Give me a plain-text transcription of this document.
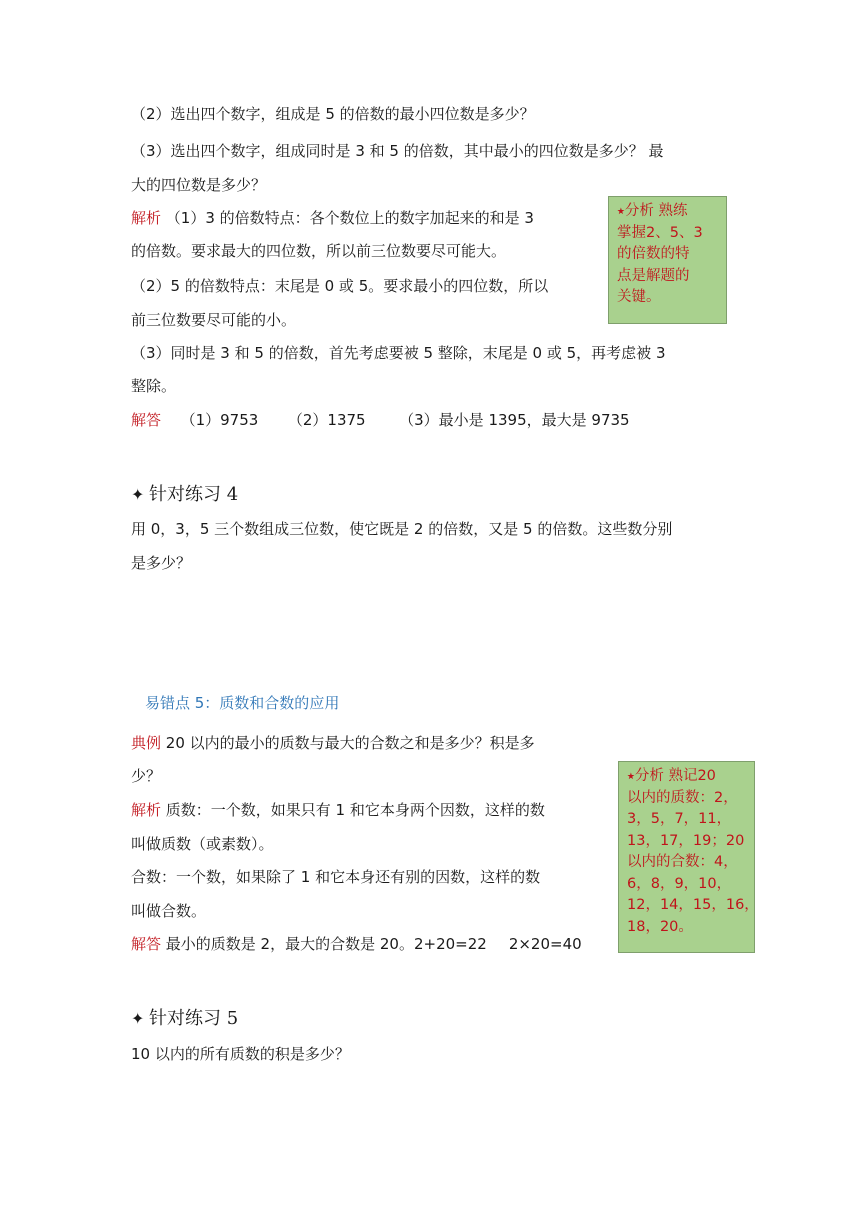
（2）选出四个数字，组成是 5 的倍数的最小四位数是多少？
（3）选出四个数字，组成同时是 3 和 5 的倍数，其中最小的四位数是多少？ 最
大的四位数是多少？
解析 （1）3 的倍数特点：各个数位上的数字加起来的和是 3
的倍数。要求最大的四位数，所以前三位数要尽可能大。
（2）5 的倍数特点：末尾是 0 或 5。要求最小的四位数，所以
前三位数要尽可能的小。
（3）同时是 3 和 5 的倍数，首先考虑要被 5 整除，末尾是 0 或 5，再考虑被 3
整除。
解答 （1）9753 （2）1375 （3）最小是 1395，最大是 9735
⭑分析 熟练
掌握2、5、3
的倍数的特
点是解题的
关键。
✦ 针对练习 4
用 0，3，5 三个数组成三位数，使它既是 2 的倍数，又是 5 的倍数。这些数分别
是多少？
易错点 5：质数和合数的应用
典例 20 以内的最小的质数与最大的合数之和是多少？积是多
少？
解析 质数：一个数，如果只有 1 和它本身两个因数，这样的数
叫做质数（或素数）。
合数：一个数，如果除了 1 和它本身还有别的因数，这样的数
叫做合数。
解答 最小的质数是 2，最大的合数是 20。2+20=22 2×20=40
⭑分析 熟记20
以内的质数：2，
3，5，7，11，
13，17，19；20
以内的合数：4，
6，8，9，10，
12，14，15，16，
18，20。
✦ 针对练习 5
10 以内的所有质数的积是多少？
